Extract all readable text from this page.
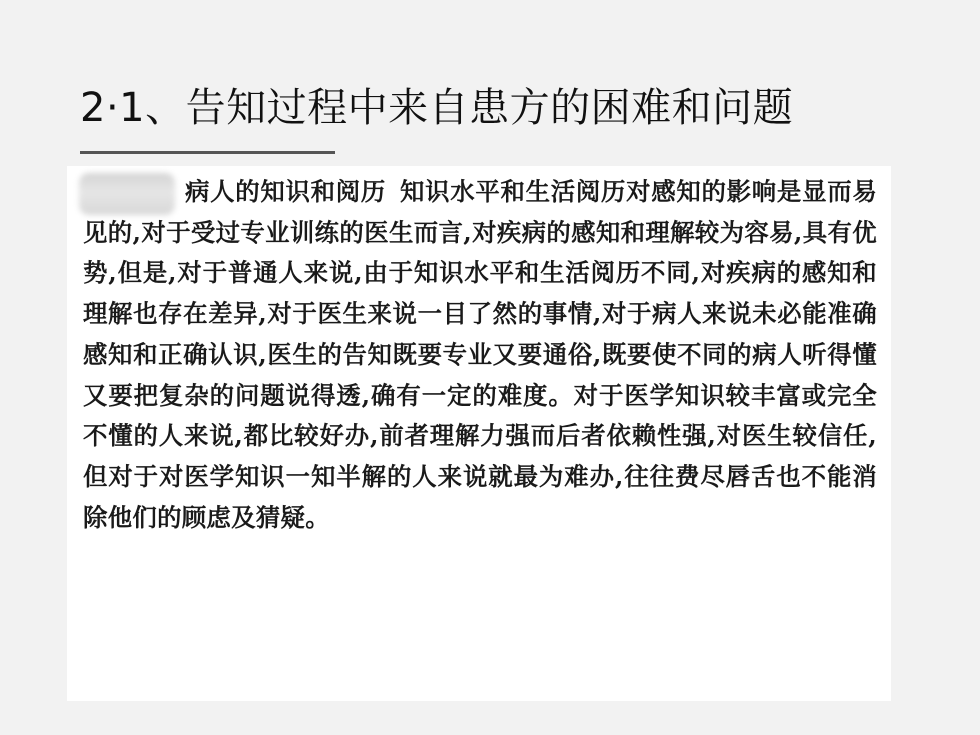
2·1、告知过程中来自患方的困难和问题

病人的知识和阅历 知识水平和生活阅历对感知的影响是显而易见的,对于受过专业训练的医生而言,对疾病的感知和理解较为容易,具有优势,但是,对于普通人来说,由于知识水平和生活阅历不同,对疾病的感知和理解也存在差异,对于医生来说一目了然的事情,对于病人来说未必能准确感知和正确认识,医生的告知既要专业又要通俗,既要使不同的病人听得懂又要把复杂的问题说得透,确有一定的难度。对于医学知识较丰富或完全不懂的人来说,都比较好办,前者理解力强而后者依赖性强,对医生较信任,但对于对医学知识一知半解的人来说就最为难办,往往费尽唇舌也不能消除他们的顾虑及猜疑。
